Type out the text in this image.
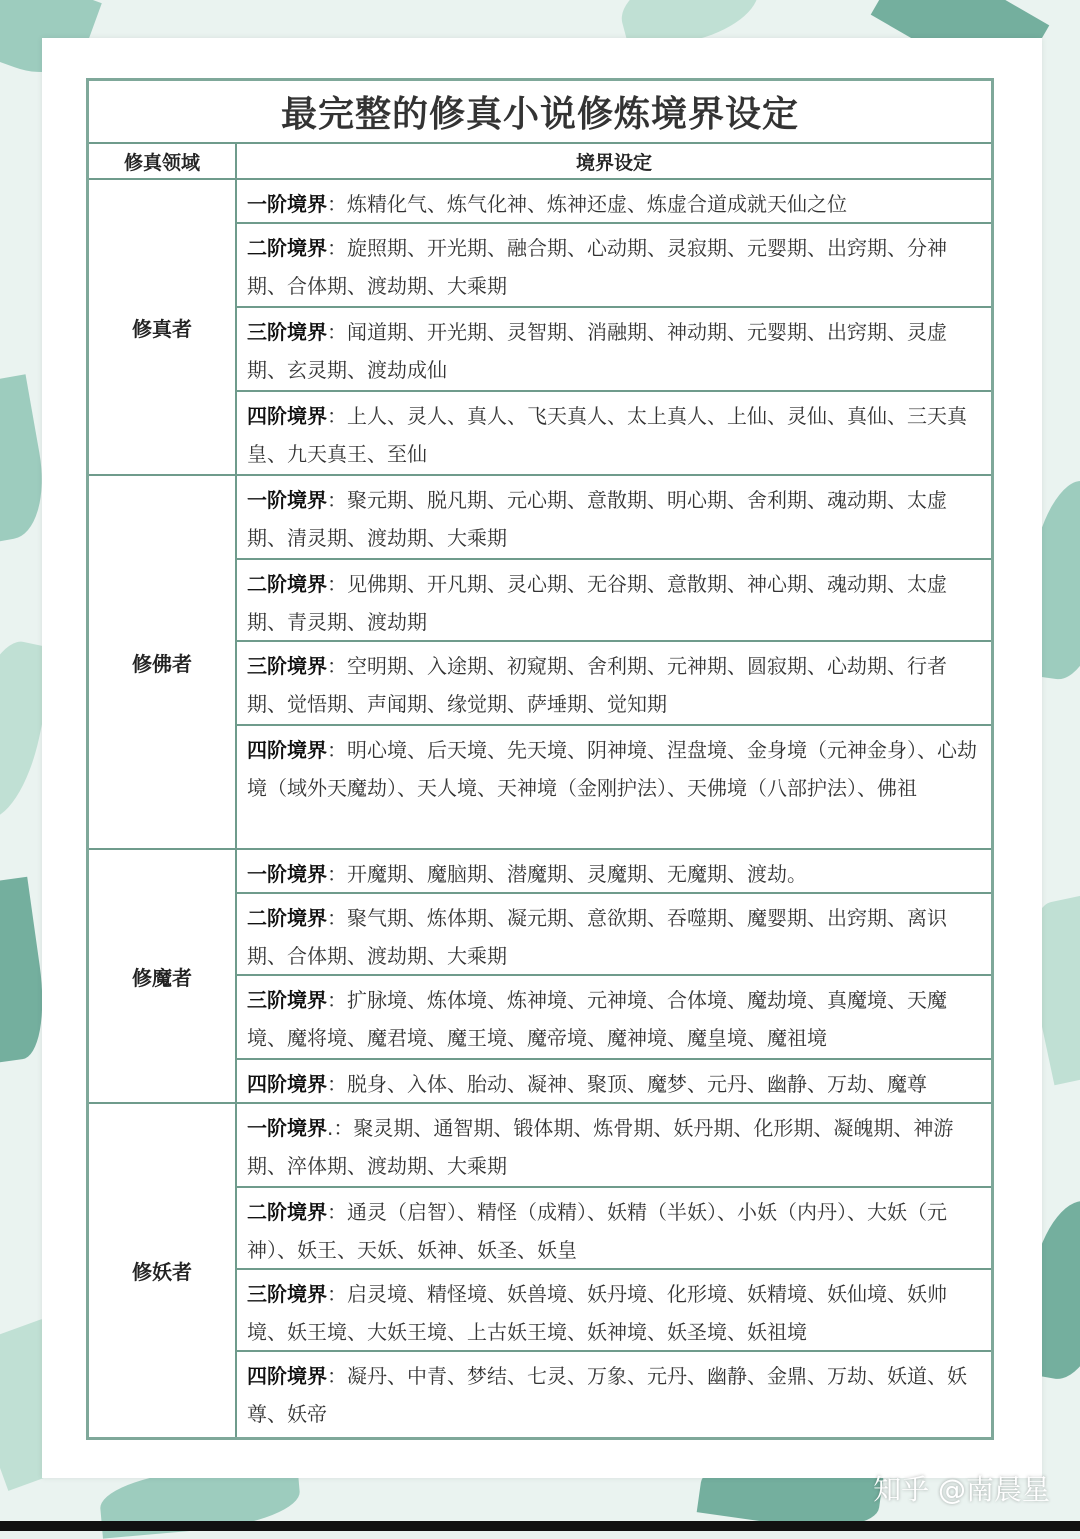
最完整的修真小说修炼境界设定
修真领域	境界设定
修真者
一阶境界：炼精化气、炼气化神、炼神还虚、炼虚合道成就天仙之位
二阶境界：旋照期、开光期、融合期、心动期、灵寂期、元婴期、出窍期、分神期、合体期、渡劫期、大乘期
三阶境界：闻道期、开光期、灵智期、消融期、神动期、元婴期、出窍期、灵虚期、玄灵期、渡劫成仙
四阶境界：上人、灵人、真人、飞天真人、太上真人、上仙、灵仙、真仙、三天真皇、九天真王、至仙
修佛者
一阶境界：聚元期、脱凡期、元心期、意散期、明心期、舍利期、魂动期、太虚期、清灵期、渡劫期、大乘期
二阶境界：见佛期、开凡期、灵心期、无谷期、意散期、神心期、魂动期、太虚期、青灵期、渡劫期
三阶境界：空明期、入途期、初窥期、舍利期、元神期、圆寂期、心劫期、行者期、觉悟期、声闻期、缘觉期、萨埵期、觉知期
四阶境界：明心境、后天境、先天境、阴神境、涅盘境、金身境（元神金身）、心劫境（域外天魔劫）、天人境、天神境（金刚护法）、天佛境（八部护法）、佛祖
修魔者
一阶境界：开魔期、魔脑期、潜魔期、灵魔期、无魔期、渡劫。
二阶境界：聚气期、炼体期、凝元期、意欲期、吞噬期、魔婴期、出窍期、离识期、合体期、渡劫期、大乘期
三阶境界：扩脉境、炼体境、炼神境、元神境、合体境、魔劫境、真魔境、天魔境、魔将境、魔君境、魔王境、魔帝境、魔神境、魔皇境、魔祖境
四阶境界：脱身、入体、胎动、凝神、聚顶、魔梦、元丹、幽静、万劫、魔尊
修妖者
一阶境界.：聚灵期、通智期、锻体期、炼骨期、妖丹期、化形期、凝魄期、神游期、淬体期、渡劫期、大乘期
二阶境界：通灵（启智）、精怪（成精）、妖精（半妖）、小妖（内丹）、大妖（元神）、妖王、天妖、妖神、妖圣、妖皇
三阶境界：启灵境、精怪境、妖兽境、妖丹境、化形境、妖精境、妖仙境、妖帅境、妖王境、大妖王境、上古妖王境、妖神境、妖圣境、妖祖境
四阶境界：凝丹、中青、梦结、七灵、万象、元丹、幽静、金鼎、万劫、妖道、妖尊、妖帝
知乎 @南晨星
